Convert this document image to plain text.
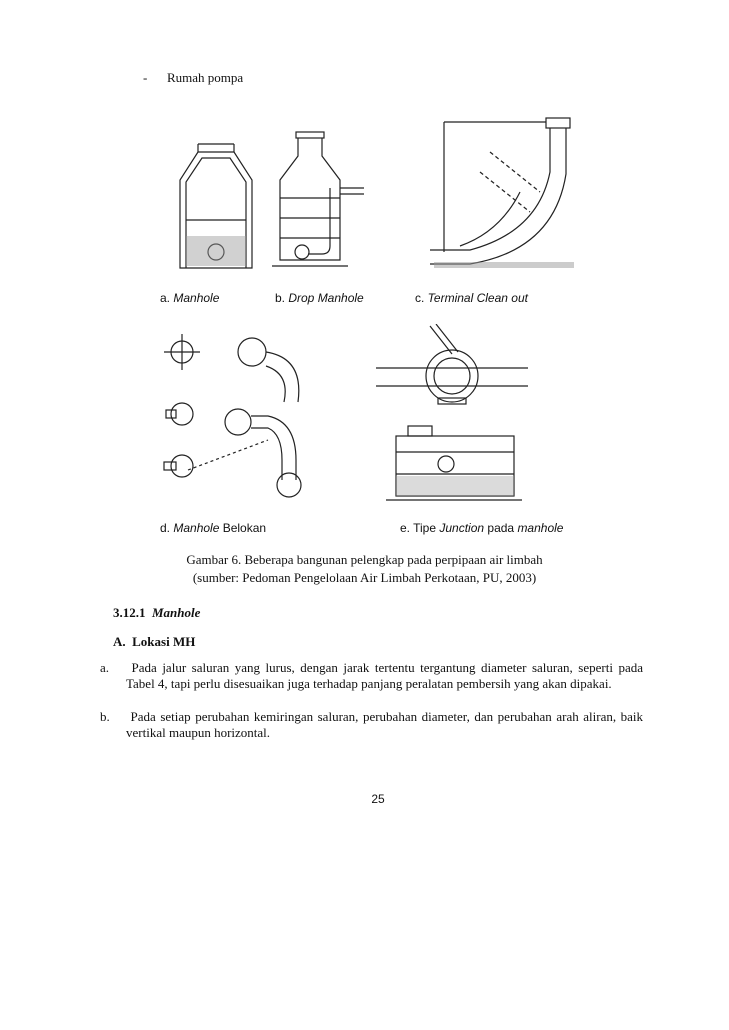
- Rumah pompa
a. Manhole	b. Drop Manhole	c. Terminal Clean out
d. Manhole Belokan	e. Tipe Junction pada manhole
Gambar 6. Beberapa bangunan pelengkap pada perpipaan air limbah
(sumber: Pedoman Pengelolaan Air Limbah Perkotaan, PU, 2003)
3.12.1 Manhole
A.  Lokasi MH
a. Pada jalur saluran yang lurus, dengan jarak tertentu tergantung diameter saluran, seperti pada Tabel 4, tapi perlu disesuaikan juga terhadap panjang peralatan pembersih yang akan dipakai.
b. Pada setiap perubahan kemiringan saluran, perubahan diameter, dan perubahan arah aliran, baik vertikal maupun horizontal.
25
